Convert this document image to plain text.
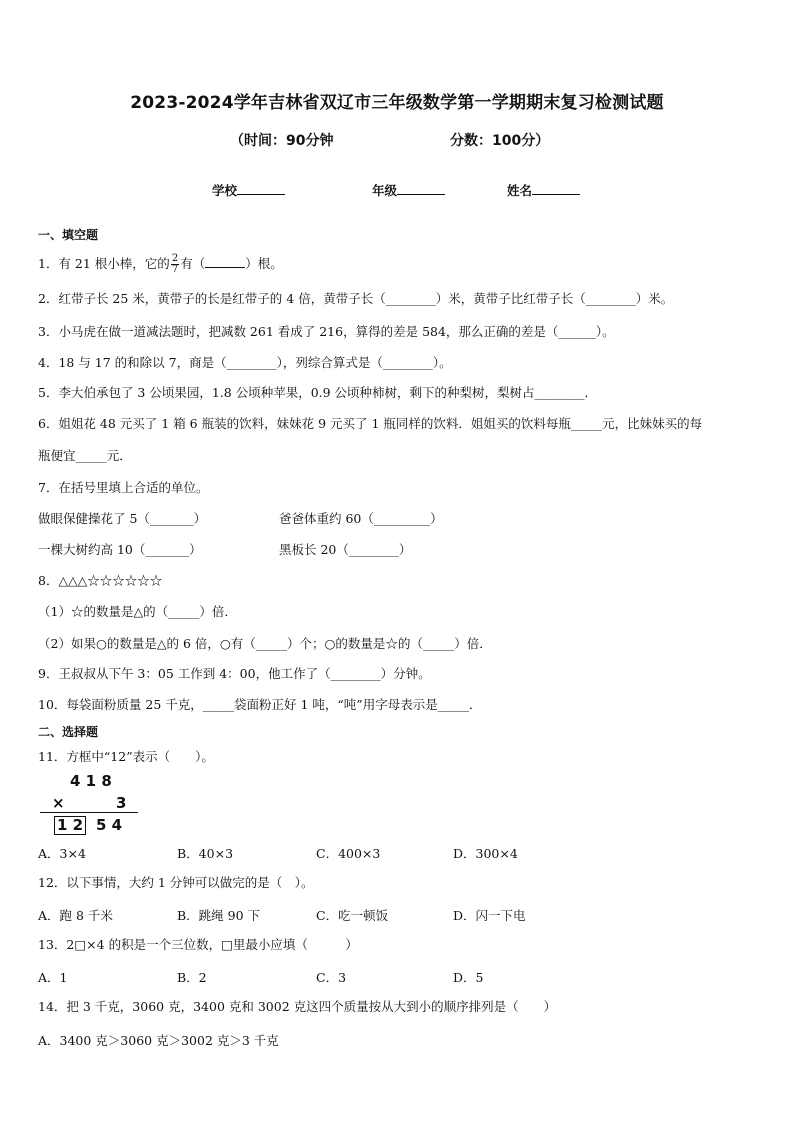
2023-2024学年吉林省双辽市三年级数学第一学期期末复习检测试题
（时间：90分钟	分数：100分）
学校	年级	姓名
一、填空题
1．有 21 根小棒，它的 $\frac{2}{7}$ 有（	）根。
2．红带子长 25 米，黄带子的长是红带子的 4 倍，黄带子长（________）米，黄带子比红带子长（________）米。
3．小马虎在做一道减法题时，把减数 261 看成了 216，算得的差是 584，那么正确的差是（______）。
4．18 与 17 的和除以 7，商是（________），列综合算式是（________）。
5．李大伯承包了 3 公顷果园，1.8 公顷种苹果，0.9 公顷种柿树，剩下的种梨树，梨树占________．
6．姐姐花 48 元买了 1 箱 6 瓶装的饮料，妹妹花 9 元买了 1 瓶同样的饮料．姐姐买的饮料每瓶_____元，比妹妹买的每
瓶便宜_____元．
7．在括号里填上合适的单位。
做眼保健操花了 5（_______）	爸爸体重约 60（_________）
一棵大树约高 10（_______）	黑板长 20（________）
8．△△△☆☆☆☆☆☆
（1）☆的数量是△的（_____）倍．
（2）如果○的数量是△的 6 倍，○有（_____）个；○的数量是☆的（_____）倍．
9．王叔叔从下午 3：05 工作到 4：00，他工作了（________）分钟。
10．每袋面粉质量 25 千克，_____袋面粉正好 1 吨，“吨”用字母表示是_____．
二、选择题
11．方框中“12”表示（　　）。
4 1 8
×	3
1 2 5 4
A．3×4	B．40×3	C．400×3	D．300×4
12．以下事情，大约 1 分钟可以做完的是（　）。
A．跑 8 千米	B．跳绳 90 下	C．吃一顿饭	D．闪一下电
13．2□×4 的积是一个三位数，□里最小应填（　　　）
A．1	B．2	C．3	D．5
14．把 3 千克，3060 克，3400 克和 3002 克这四个质量按从大到小的顺序排列是（　　）
A．3400 克＞3060 克＞3002 克＞3 千克
